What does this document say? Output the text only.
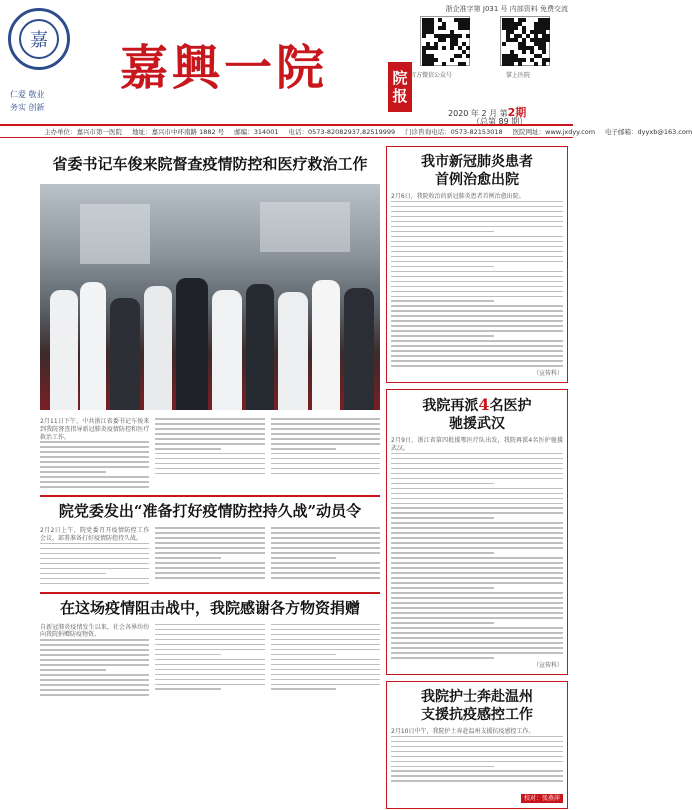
嘉
仁爱 敬业
务实 创新
嘉興一院	院
报
浙企准字第 J031 号 内部资料 免费交流
官方微信公众号	掌上医院
2020 年 2 月 第2期
（总第 89 期）
主办单位：嘉兴市第一医院 地址：嘉兴市中环南路 1882 号 邮编：314001 电话：0573-82082937,82519999 门诊咨询电话：0573-82153018 医院网址：www.jxdyy.com 电子邮箱：dyyxb@163.com
省委书记车俊来院督查疫情防控和医疗救治工作
2月11日下午，中共浙江省委书记车俊来到我院督查指导新冠肺炎疫情防控和医疗救治工作。
院党委发出“准备打好疫情防控持久战”动员令
2月2日上午，院党委召开疫情防控工作会议，部署准备打好疫情防控持久战。
在这场疫情阻击战中，我院感谢各方物资捐赠
自新冠肺炎疫情发生以来，社会各界纷纷向我院捐赠防疫物资。
我市新冠肺炎患者
首例治愈出院
2月6日，我院收治的新冠肺炎患者首例治愈出院。
（宣传科）
我院再派4名医护
驰援武汉
2月9日，浙江省第四批援鄂医疗队出发，我院再派4名医护驰援武汉。
（宣传科）
我院护士奔赴温州
支援抗疫感控工作
2月10日中午，我院护士奔赴温州支援抗疫感控工作。
校对：张燕萍
